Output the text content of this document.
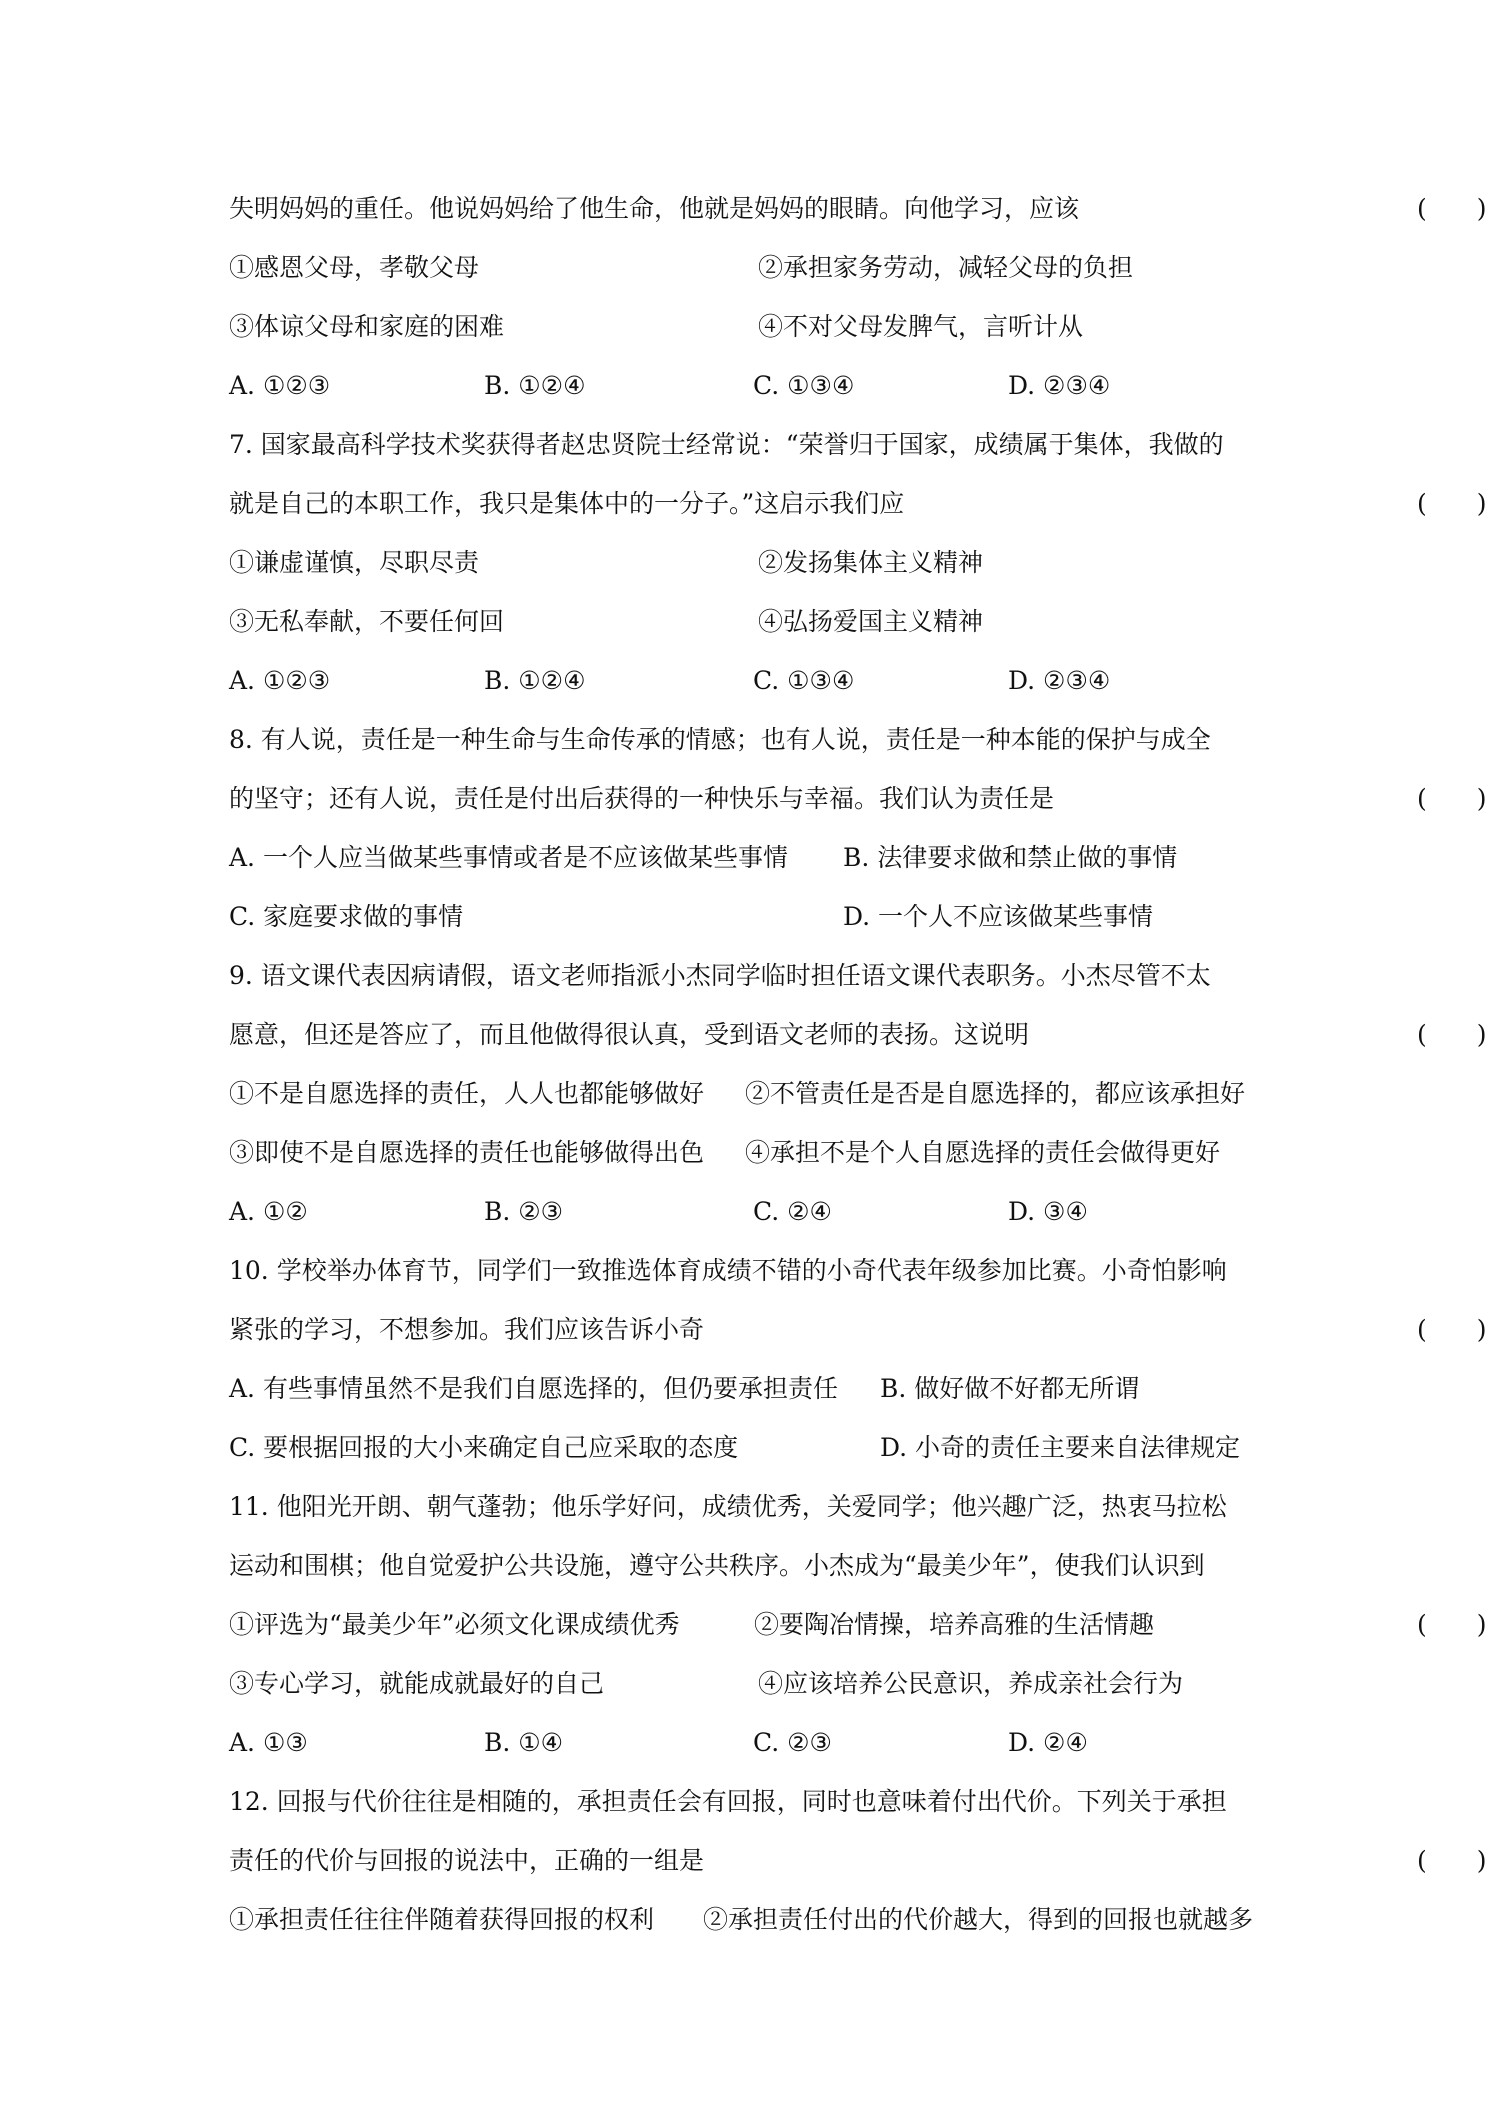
失明妈妈的重任。他说妈妈给了他生命，他就是妈妈的眼睛。向他学习，应该	(　　)
①感恩父母，孝敬父母	②承担家务劳动，减轻父母的负担
③体谅父母和家庭的困难	④不对父母发脾气，言听计从
A. ①②③	B. ①②④	C. ①③④	D. ②③④
7. 国家最高科学技术奖获得者赵忠贤院士经常说：“荣誉归于国家，成绩属于集体，我做的
就是自己的本职工作，我只是集体中的一分子。”这启示我们应	(　　)
①谦虚谨慎，尽职尽责	②发扬集体主义精神
③无私奉献，不要任何回	④弘扬爱国主义精神
A. ①②③	B. ①②④	C. ①③④	D. ②③④
8. 有人说，责任是一种生命与生命传承的情感；也有人说，责任是一种本能的保护与成全
的坚守；还有人说，责任是付出后获得的一种快乐与幸福。我们认为责任是	(　　)
A. 一个人应当做某些事情或者是不应该做某些事情 B. 法律要求做和禁止做的事情
C. 家庭要求做的事情	D. 一个人不应该做某些事情
9. 语文课代表因病请假，语文老师指派小杰同学临时担任语文课代表职务。小杰尽管不太
愿意，但还是答应了，而且他做得很认真，受到语文老师的表扬。这说明	(　　)
①不是自愿选择的责任，人人也都能够做好 ②不管责任是否是自愿选择的，都应该承担好
③即使不是自愿选择的责任也能够做得出色 ④承担不是个人自愿选择的责任会做得更好
A. ①②	B. ②③	C. ②④	D. ③④
10. 学校举办体育节，同学们一致推选体育成绩不错的小奇代表年级参加比赛。小奇怕影响
紧张的学习，不想参加。我们应该告诉小奇	(　　)
A. 有些事情虽然不是我们自愿选择的，但仍要承担责任 B. 做好做不好都无所谓
C. 要根据回报的大小来确定自己应采取的态度	D. 小奇的责任主要来自法律规定
11. 他阳光开朗、朝气蓬勃；他乐学好问，成绩优秀，关爱同学；他兴趣广泛，热衷马拉松
运动和围棋；他自觉爱护公共设施，遵守公共秩序。小杰成为“最美少年”，使我们认识到
①评选为“最美少年”必须文化课成绩优秀	②要陶冶情操，培养高雅的生活情趣	(　　)
③专心学习，就能成就最好的自己	④应该培养公民意识，养成亲社会行为
A. ①③	B. ①④	C. ②③	D. ②④
12. 回报与代价往往是相随的，承担责任会有回报，同时也意味着付出代价。下列关于承担
责任的代价与回报的说法中，正确的一组是	(　　)
①承担责任往往伴随着获得回报的权利 ②承担责任付出的代价越大，得到的回报也就越多
